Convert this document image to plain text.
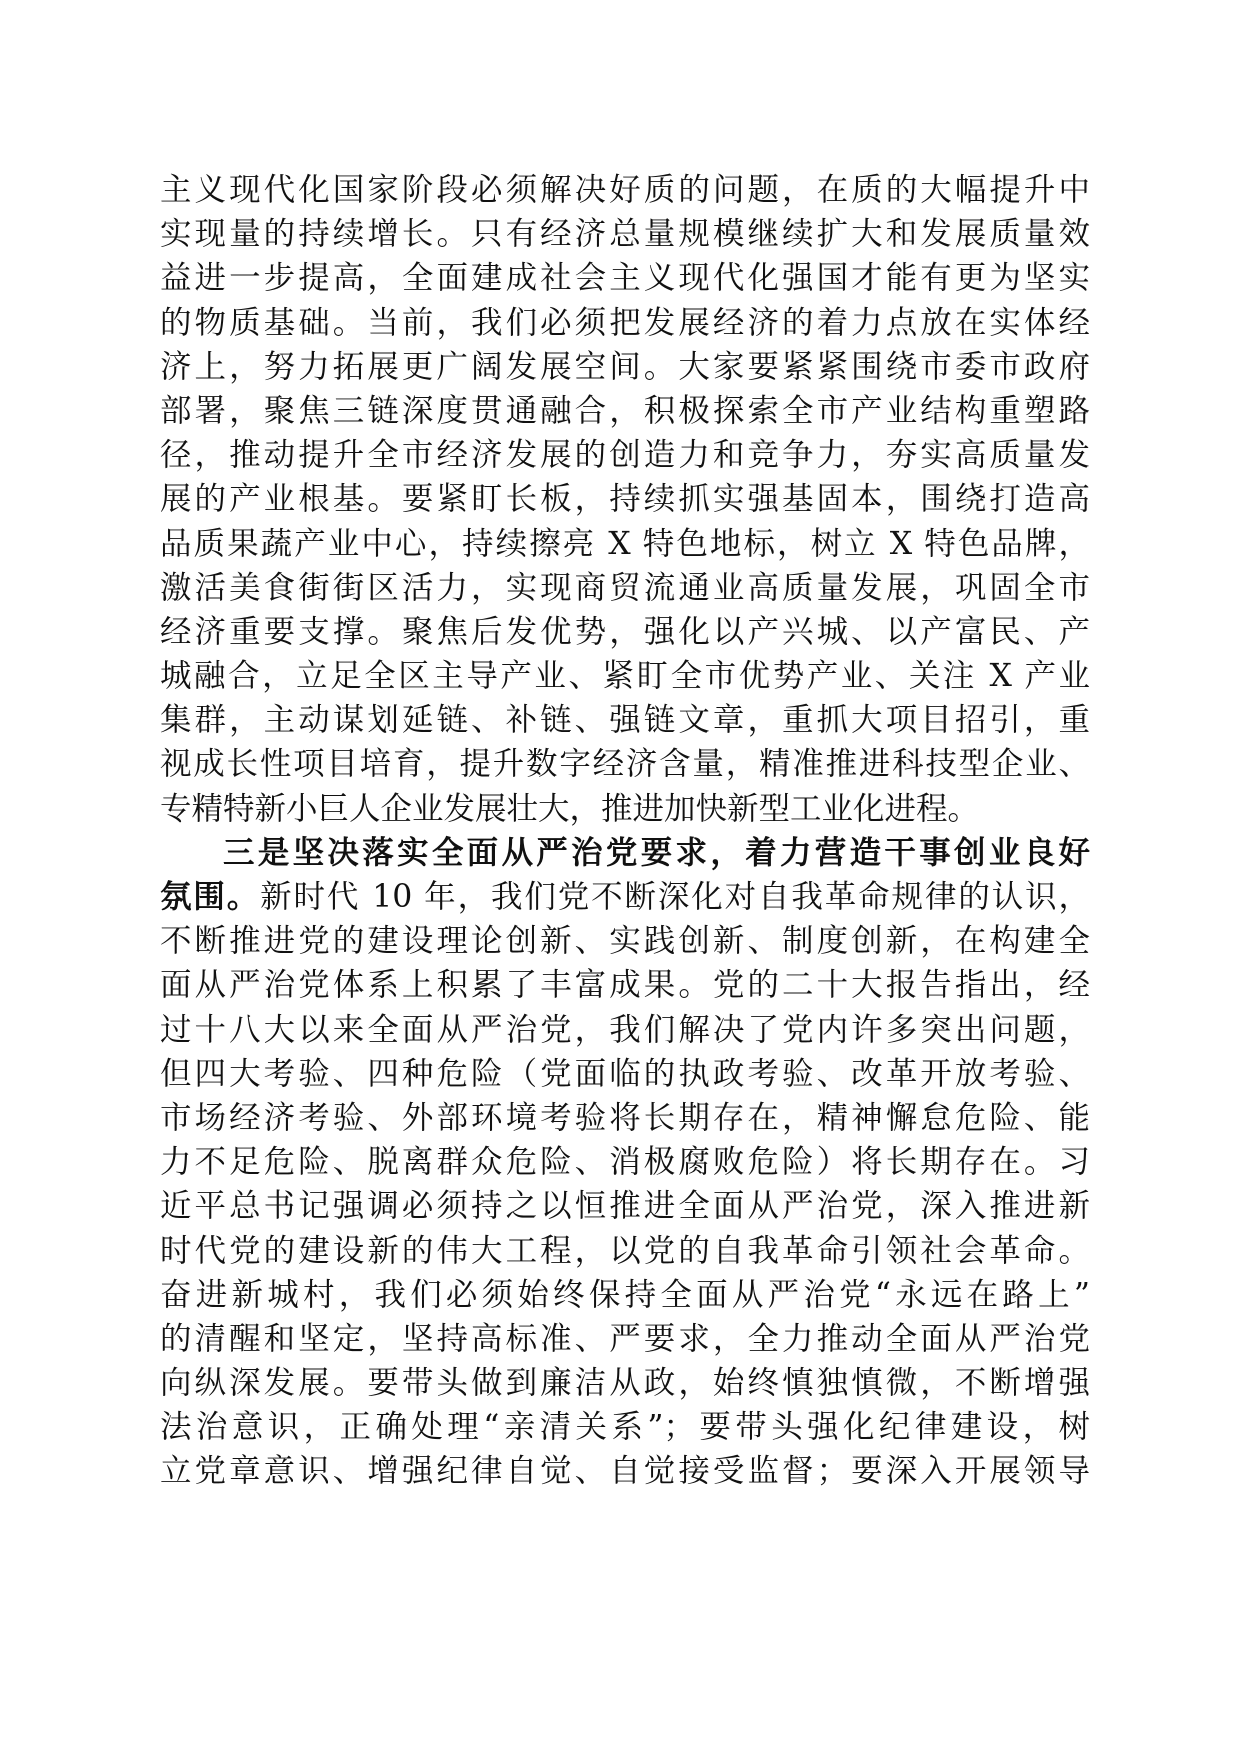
主义现代化国家阶段必须解决好质的问题，在质的大幅提升中
实现量的持续增长。只有经济总量规模继续扩大和发展质量效
益进一步提高，全面建成社会主义现代化强国才能有更为坚实
的物质基础。当前，我们必须把发展经济的着力点放在实体经
济上，努力拓展更广阔发展空间。大家要紧紧围绕市委市政府
部署，聚焦三链深度贯通融合，积极探索全市产业结构重塑路
径，推动提升全市经济发展的创造力和竞争力，夯实高质量发
展的产业根基。要紧盯长板，持续抓实强基固本，围绕打造高
品质果蔬产业中心，持续擦亮 X 特色地标，树立 X 特色品牌，
激活美食街街区活力，实现商贸流通业高质量发展，巩固全市
经济重要支撑。聚焦后发优势，强化以产兴城、以产富民、产
城融合，立足全区主导产业、紧盯全市优势产业、关注 X 产业
集群，主动谋划延链、补链、强链文章，重抓大项目招引，重
视成长性项目培育，提升数字经济含量，精准推进科技型企业、
专精特新小巨人企业发展壮大，推进加快新型工业化进程。
三是坚决落实全面从严治党要求，着力营造干事创业良好
氛围。新时代 10 年，我们党不断深化对自我革命规律的认识，
不断推进党的建设理论创新、实践创新、制度创新，在构建全
面从严治党体系上积累了丰富成果。党的二十大报告指出，经
过十八大以来全面从严治党，我们解决了党内许多突出问题，
但四大考验、四种危险（党面临的执政考验、改革开放考验、
市场经济考验、外部环境考验将长期存在，精神懈怠危险、能
力不足危险、脱离群众危险、消极腐败危险）将长期存在。习
近平总书记强调必须持之以恒推进全面从严治党，深入推进新
时代党的建设新的伟大工程，以党的自我革命引领社会革命。
奋进新城村，我们必须始终保持全面从严治党“永远在路上”
的清醒和坚定，坚持高标准、严要求，全力推动全面从严治党
向纵深发展。要带头做到廉洁从政，始终慎独慎微，不断增强
法治意识，正确处理“亲清关系”；要带头强化纪律建设，树
立党章意识、增强纪律自觉、自觉接受监督；要深入开展领导
